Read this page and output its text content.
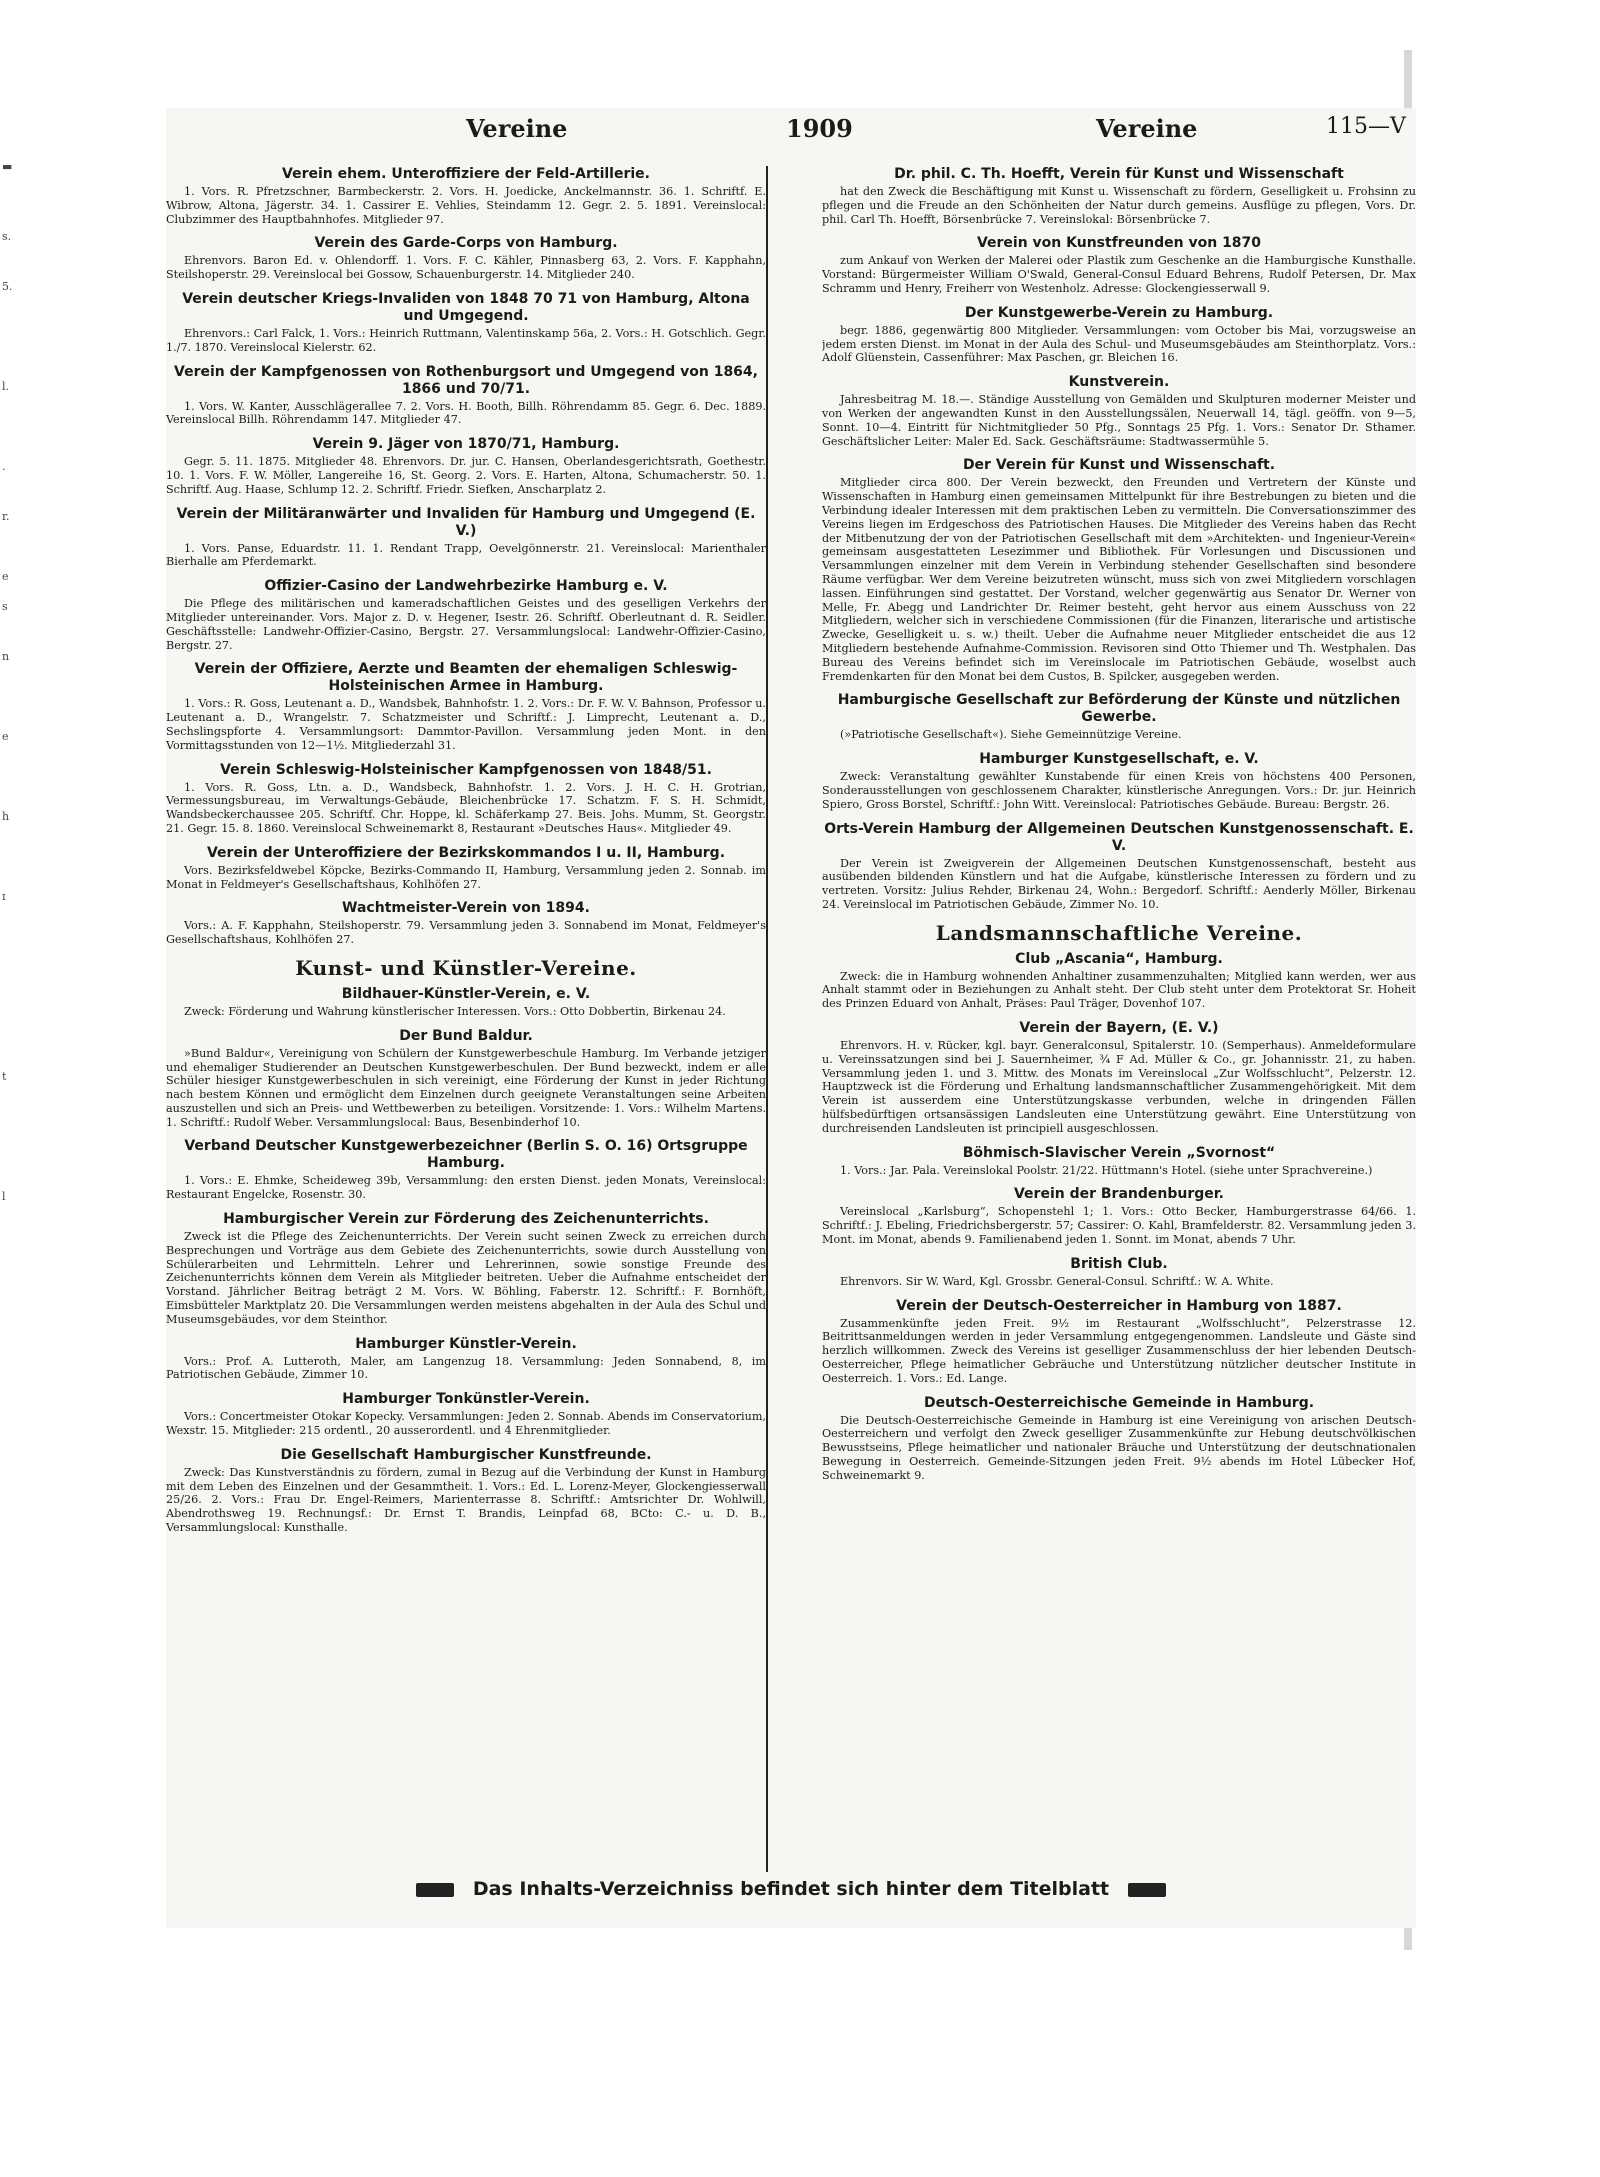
▬
s.
5.
l.
.
r.
e
s
n
e
h
ɪ
t
l
Vereine	1909	Vereine	115—V
Verein ehem. Unteroffiziere der Feld-Artillerie.

1. Vors. R. Pfretzschner, Barmbeckerstr. 2. Vors. H. Joedicke, Anckelmannstr. 36. 1. Schriftf. E. Wibrow, Altona, Jägerstr. 34. 1. Cassirer E. Vehlies, Steindamm 12. Gegr. 2. 5. 1891. Vereinslocal: Clubzimmer des Hauptbahnhofes. Mitglieder 97.

Verein des Garde-Corps von Hamburg.

Ehrenvors. Baron Ed. v. Ohlendorff. 1. Vors. F. C. Kähler, Pinnasberg 63, 2. Vors. F. Kapphahn, Steilshoperstr. 29. Vereinslocal bei Gossow, Schauenburgerstr. 14. Mitglieder 240.

Verein deutscher Kriegs-Invaliden von 1848 70 71 von Hamburg, Altona und Umgegend.

Ehrenvors.: Carl Falck, 1. Vors.: Heinrich Ruttmann, Valentinskamp 56a, 2. Vors.: H. Gotschlich. Gegr. 1./7. 1870. Vereinslocal Kielerstr. 62.

Verein der Kampfgenossen von Rothenburgsort und Umgegend von 1864, 1866 und 70/71.

1. Vors. W. Kanter, Ausschlägerallee 7. 2. Vors. H. Booth, Billh. Röhrendamm 85. Gegr. 6. Dec. 1889. Vereinslocal Billh. Röhrendamm 147. Mitglieder 47.

Verein 9. Jäger von 1870/71, Hamburg.

Gegr. 5. 11. 1875. Mitglieder 48. Ehrenvors. Dr. jur. C. Hansen, Oberlandesgerichtsrath, Goethestr. 10. 1. Vors. F. W. Möller, Langereihe 16, St. Georg. 2. Vors. E. Harten, Altona, Schumacherstr. 50. 1. Schriftf. Aug. Haase, Schlump 12. 2. Schriftf. Friedr. Siefken, Anscharplatz 2.

Verein der Militäranwärter und Invaliden für Hamburg und Umgegend (E. V.)

1. Vors. Panse, Eduardstr. 11. 1. Rendant Trapp, Oevelgönnerstr. 21. Vereinslocal: Marienthaler Bierhalle am Pferdemarkt.

Offizier-Casino der Landwehrbezirke Hamburg e. V.

Die Pflege des militärischen und kameradschaftlichen Geistes und des geselligen Verkehrs der Mitglieder untereinander. Vors. Major z. D. v. Hegener, Isestr. 26. Schriftf. Oberleutnant d. R. Seidler. Geschäftsstelle: Landwehr-Offizier-Casino, Bergstr. 27. Versammlungslocal: Landwehr-Offizier-Casino, Bergstr. 27.

Verein der Offiziere, Aerzte und Beamten der ehemaligen Schleswig-Holsteinischen Armee in Hamburg.

1. Vors.: R. Goss, Leutenant a. D., Wandsbek, Bahnhofstr. 1. 2. Vors.: Dr. F. W. V. Bahnson, Professor u. Leutenant a. D., Wrangelstr. 7. Schatzmeister und Schriftf.: J. Limprecht, Leutenant a. D., Sechslingspforte 4. Versammlungsort: Dammtor-Pavillon. Versammlung jeden Mont. in den Vormittagsstunden von 12—1½. Mitgliederzahl 31.

Verein Schleswig-Holsteinischer Kampfgenossen von 1848/51.

1. Vors. R. Goss, Ltn. a. D., Wandsbeck, Bahnhofstr. 1. 2. Vors. J. H. C. H. Grotrian, Vermessungsbureau, im Verwaltungs-Gebäude, Bleichenbrücke 17. Schatzm. F. S. H. Schmidt, Wandsbeckerchaussee 205. Schriftf. Chr. Hoppe, kl. Schäferkamp 27. Beis. Johs. Mumm, St. Georgstr. 21. Gegr. 15. 8. 1860. Vereinslocal Schweinemarkt 8, Restaurant »Deutsches Haus«. Mitglieder 49.

Verein der Unteroffiziere der Bezirkskommandos I u. II, Hamburg.

Vors. Bezirksfeldwebel Köpcke, Bezirks-Commando II, Hamburg, Versammlung jeden 2. Sonnab. im Monat in Feldmeyer's Gesellschaftshaus, Kohlhöfen 27.

Wachtmeister-Verein von 1894.

Vors.: A. F. Kapphahn, Steilshoperstr. 79. Versammlung jeden 3. Sonnabend im Monat, Feldmeyer's Gesellschaftshaus, Kohlhöfen 27.

Kunst- und Künstler-Vereine.
Bildhauer-Künstler-Verein, e. V.

Zweck: Förderung und Wahrung künstlerischer Interessen. Vors.: Otto Dobbertin, Birkenau 24.

Der Bund Baldur.

»Bund Baldur«, Vereinigung von Schülern der Kunstgewerbeschule Hamburg. Im Verbande jetziger und ehemaliger Studierender an Deutschen Kunstgewerbeschulen. Der Bund bezweckt, indem er alle Schüler hiesiger Kunstgewerbeschulen in sich vereinigt, eine Förderung der Kunst in jeder Richtung nach bestem Können und ermöglicht dem Einzelnen durch geeignete Veranstaltungen seine Arbeiten auszustellen und sich an Preis- und Wettbewerben zu beteiligen. Vorsitzende: 1. Vors.: Wilhelm Martens. 1. Schriftf.: Rudolf Weber. Versammlungslocal: Baus, Besenbinderhof 10.

Verband Deutscher Kunstgewerbezeichner (Berlin S. O. 16) Ortsgruppe Hamburg.

1. Vors.: E. Ehmke, Scheideweg 39b, Versammlung: den ersten Dienst. jeden Monats, Vereinslocal: Restaurant Engelcke, Rosenstr. 30.

Hamburgischer Verein zur Förderung des Zeichenunterrichts.

Zweck ist die Pflege des Zeichenunterrichts. Der Verein sucht seinen Zweck zu erreichen durch Besprechungen und Vorträge aus dem Gebiete des Zeichenunterrichts, sowie durch Ausstellung von Schülerarbeiten und Lehrmitteln. Lehrer und Lehrerinnen, sowie sonstige Freunde des Zeichenunterrichts können dem Verein als Mitglieder beitreten. Ueber die Aufnahme entscheidet der Vorstand. Jährlicher Beitrag beträgt 2 M. Vors. W. Böhling, Faberstr. 12. Schriftf.: F. Bornhöft, Eimsbütteler Marktplatz 20. Die Versammlungen werden meistens abgehalten in der Aula des Schul und Museumsgebäudes, vor dem Steinthor.

Hamburger Künstler-Verein.

Vors.: Prof. A. Lutteroth, Maler, am Langenzug 18. Versammlung: Jeden Sonnabend, 8, im Patriotischen Gebäude, Zimmer 10.

Hamburger Tonkünstler-Verein.

Vors.: Concertmeister Otokar Kopecky. Versammlungen: Jeden 2. Sonnab. Abends im Conservatorium, Wexstr. 15. Mitglieder: 215 ordentl., 20 ausserordentl. und 4 Ehrenmitglieder.

Die Gesellschaft Hamburgischer Kunstfreunde.

Zweck: Das Kunstverständnis zu fördern, zumal in Bezug auf die Verbindung der Kunst in Hamburg mit dem Leben des Einzelnen und der Gesammtheit. 1. Vors.: Ed. L. Lorenz-Meyer, Glockengiesserwall 25/26. 2. Vors.: Frau Dr. Engel-Reimers, Marienterrasse 8. Schriftf.: Amtsrichter Dr. Wohlwill, Abendrothsweg 19. Rechnungsf.: Dr. Ernst T. Brandis, Leinpfad 68, BCto: C.- u. D. B., Versammlungslocal: Kunsthalle.

Dr. phil. C. Th. Hoefft, Verein für Kunst und Wissenschaft

hat den Zweck die Beschäftigung mit Kunst u. Wissenschaft zu fördern, Geselligkeit u. Frohsinn zu pflegen und die Freude an den Schönheiten der Natur durch gemeins. Ausflüge zu pflegen, Vors. Dr. phil. Carl Th. Hoefft, Börsenbrücke 7. Vereinslokal: Börsenbrücke 7.

Verein von Kunstfreunden von 1870

zum Ankauf von Werken der Malerei oder Plastik zum Geschenke an die Hamburgische Kunsthalle. Vorstand: Bürgermeister William O'Swald, General-Consul Eduard Behrens, Rudolf Petersen, Dr. Max Schramm und Henry, Freiherr von Westenholz. Adresse: Glockengiesserwall 9.

Der Kunstgewerbe-Verein zu Hamburg.

begr. 1886, gegenwärtig 800 Mitglieder. Versammlungen: vom October bis Mai, vorzugsweise an jedem ersten Dienst. im Monat in der Aula des Schul- und Museumsgebäudes am Steinthorplatz. Vors.: Adolf Glüenstein, Cassenführer: Max Paschen, gr. Bleichen 16.

Kunstverein.

Jahresbeitrag M. 18.—. Ständige Ausstellung von Gemälden und Skulpturen moderner Meister und von Werken der angewandten Kunst in den Ausstellungssälen, Neuerwall 14, tägl. geöffn. von 9—5, Sonnt. 10—4. Eintritt für Nichtmitglieder 50 Pfg., Sonntags 25 Pfg. 1. Vors.: Senator Dr. Sthamer. Geschäftslicher Leiter: Maler Ed. Sack. Geschäftsräume: Stadtwassermühle 5.

Der Verein für Kunst und Wissenschaft.

Mitglieder circa 800. Der Verein bezweckt, den Freunden und Vertretern der Künste und Wissenschaften in Hamburg einen gemeinsamen Mittelpunkt für ihre Bestrebungen zu bieten und die Verbindung idealer Interessen mit dem praktischen Leben zu vermitteln. Die Conversationszimmer des Vereins liegen im Erdgeschoss des Patriotischen Hauses. Die Mitglieder des Vereins haben das Recht der Mitbenutzung der von der Patriotischen Gesellschaft mit dem »Architekten- und Ingenieur-Verein« gemeinsam ausgestatteten Lesezimmer und Bibliothek. Für Vorlesungen und Discussionen und Versammlungen einzelner mit dem Verein in Verbindung stehender Gesellschaften sind besondere Räume verfügbar. Wer dem Vereine beizutreten wünscht, muss sich von zwei Mitgliedern vorschlagen lassen. Einführungen sind gestattet. Der Vorstand, welcher gegenwärtig aus Senator Dr. Werner von Melle, Fr. Abegg und Landrichter Dr. Reimer besteht, geht hervor aus einem Ausschuss von 22 Mitgliedern, welcher sich in verschiedene Commissionen (für die Finanzen, literarische und artistische Zwecke, Geselligkeit u. s. w.) theilt. Ueber die Aufnahme neuer Mitglieder entscheidet die aus 12 Mitgliedern bestehende Aufnahme-Commission. Revisoren sind Otto Thiemer und Th. Westphalen. Das Bureau des Vereins befindet sich im Vereinslocale im Patriotischen Gebäude, woselbst auch Fremdenkarten für den Monat bei dem Custos, B. Spilcker, ausgegeben werden.

Hamburgische Gesellschaft zur Beförderung der Künste und nützlichen Gewerbe.

(»Patriotische Gesellschaft«). Siehe Gemeinnützige Vereine.

Hamburger Kunstgesellschaft, e. V.

Zweck: Veranstaltung gewählter Kunstabende für einen Kreis von höchstens 400 Personen, Sonderausstellungen von geschlossenem Charakter, künstlerische Anregungen. Vors.: Dr. jur. Heinrich Spiero, Gross Borstel, Schriftf.: John Witt. Vereinslocal: Patriotisches Gebäude. Bureau: Bergstr. 26.

Orts-Verein Hamburg der Allgemeinen Deutschen Kunstgenossenschaft. E. V.

Der Verein ist Zweigverein der Allgemeinen Deutschen Kunstgenossenschaft, besteht aus ausübenden bildenden Künstlern und hat die Aufgabe, künstlerische Interessen zu fördern und zu vertreten. Vorsitz: Julius Rehder, Birkenau 24, Wohn.: Bergedorf. Schriftf.: Aenderly Möller, Birkenau 24. Vereinslocal im Patriotischen Gebäude, Zimmer No. 10.

Landsmannschaftliche Vereine.
Club „Ascania“, Hamburg.

Zweck: die in Hamburg wohnenden Anhaltiner zusammenzuhalten; Mitglied kann werden, wer aus Anhalt stammt oder in Beziehungen zu Anhalt steht. Der Club steht unter dem Protektorat Sr. Hoheit des Prinzen Eduard von Anhalt, Präses: Paul Träger, Dovenhof 107.

Verein der Bayern, (E. V.)

Ehrenvors. H. v. Rücker, kgl. bayr. Generalconsul, Spitalerstr. 10. (Semperhaus). Anmeldeformulare u. Vereinssatzungen sind bei J. Sauernheimer, ¾ F Ad. Müller & Co., gr. Johannisstr. 21, zu haben. Versammlung jeden 1. und 3. Mittw. des Monats im Vereinslocal „Zur Wolfsschlucht“, Pelzerstr. 12. Hauptzweck ist die Förderung und Erhaltung landsmannschaftlicher Zusammengehörigkeit. Mit dem Verein ist ausserdem eine Unterstützungskasse verbunden, welche in dringenden Fällen hülfsbedürftigen ortsansässigen Landsleuten eine Unterstützung gewährt. Eine Unterstützung von durchreisenden Landsleuten ist principiell ausgeschlossen.

Böhmisch-Slavischer Verein „Svornost“

1. Vors.: Jar. Pala. Vereinslokal Poolstr. 21/22. Hüttmann's Hotel. (siehe unter Sprachvereine.)

Verein der Brandenburger.

Vereinslocal „Karlsburg“, Schopenstehl 1; 1. Vors.: Otto Becker, Hamburgerstrasse 64/66. 1. Schriftf.: J. Ebeling, Friedrichsbergerstr. 57; Cassirer: O. Kahl, Bramfelderstr. 82. Versammlung jeden 3. Mont. im Monat, abends 9. Familienabend jeden 1. Sonnt. im Monat, abends 7 Uhr.

British Club.

Ehrenvors. Sir W. Ward, Kgl. Grossbr. General-Consul. Schriftf.: W. A. White.

Verein der Deutsch-Oesterreicher in Hamburg von 1887.

Zusammenkünfte jeden Freit. 9½ im Restaurant „Wolfsschlucht“, Pelzerstrasse 12. Beitrittsanmeldungen werden in jeder Versammlung entgegengenommen. Landsleute und Gäste sind herzlich willkommen. Zweck des Vereins ist geselliger Zusammenschluss der hier lebenden Deutsch-Oesterreicher, Pflege heimatlicher Gebräuche und Unterstützung nützlicher deutscher Institute in Oesterreich. 1. Vors.: Ed. Lange.

Deutsch-Oesterreichische Gemeinde in Hamburg.

Die Deutsch-Oesterreichische Gemeinde in Hamburg ist eine Vereinigung von arischen Deutsch-Oesterreichern und verfolgt den Zweck geselliger Zusammenkünfte zur Hebung deutschvölkischen Bewusstseins, Pflege heimatlicher und nationaler Bräuche und Unterstützung der deutschnationalen Bewegung in Oesterreich. Gemeinde-Sitzungen jeden Freit. 9½ abends im Hotel Lübecker Hof, Schweinemarkt 9.

Das Inhalts-Verzeichniss befindet sich hinter dem Titelblatt
